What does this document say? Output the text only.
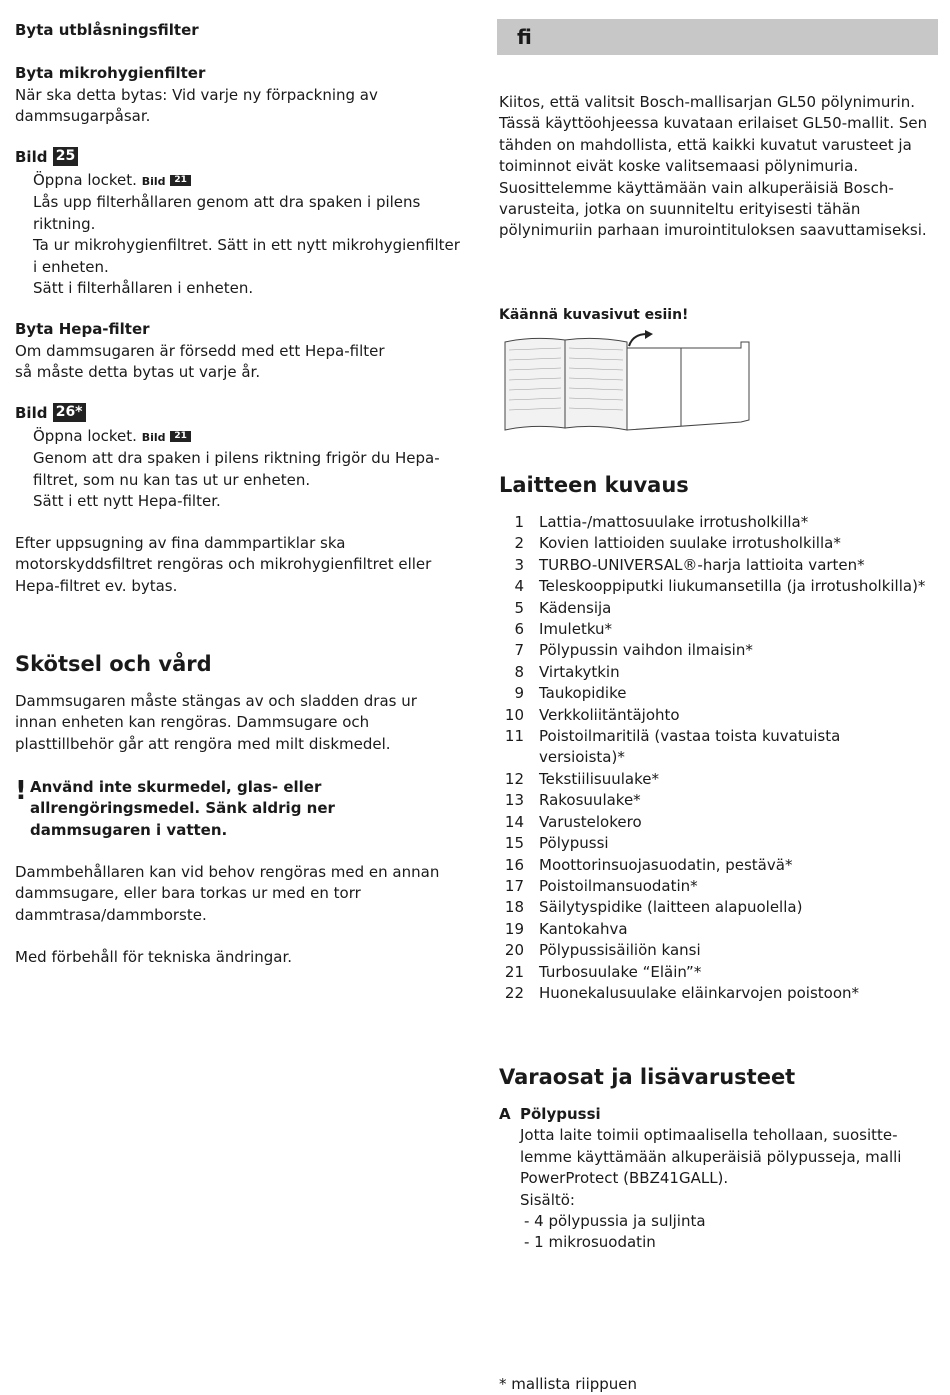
Byta utblåsningsfilter

Byta mikrohygienfilter

När ska detta bytas: Vid varje ny förpackning av dammsugarpåsar.

Bild 25

Öppna locket. Bild 21

Lås upp filterhållaren genom att dra spaken i pilens riktning.

Ta ur mikrohygienfiltret. Sätt in ett nytt mikrohygienfilter i enheten.

Sätt i filterhållaren i enheten.

Byta Hepa-filter

Om dammsugaren är försedd med ett Hepa-filter så måste detta bytas ut varje år.

Bild 26*

Öppna locket. Bild 21

Genom att dra spaken i pilens riktning frigör du Hepa-filtret, som nu kan tas ut ur enheten.

Sätt i ett nytt Hepa-filter.

Efter uppsugning av fina dammpartiklar ska motorskyddsfiltret rengöras och mikrohygienfiltret eller Hepa-filtret ev. bytas.

Skötsel och vård

Dammsugaren måste stängas av och sladden dras ur innan enheten kan rengöras. Dammsugare och plasttillbehör går att rengöra med milt diskmedel.

! Använd inte skurmedel, glas- eller allrengöringsmedel. Sänk aldrig ner dammsugaren i vatten.

Dammbehållaren kan vid behov rengöras med en annan dammsugare, eller bara torkas ur med en torr dammtrasa/dammborste.

Med förbehåll för tekniska ändringar.

fi

Kiitos, että valitsit Bosch-mallisarjan GL50 pölynimurin. Tässä käyttöohjeessa kuvataan erilaiset GL50-mallit. Sen tähden on mahdollista, että kaikki kuvatut varusteet ja toiminnot eivät koske valitsemaasi pölynimuria. Suosittelemme käyttämään vain alkuperäisiä Bosch-varusteita, jotka on suunniteltu erityisesti tähän pölynimuriin parhaan imurointituloksen saavuttamiseksi.

Käännä kuvasivut esiin!

Laitteen kuvaus
1 Lattia-/mattosuulake irrotusholkilla*
2 Kovien lattioiden suulake irrotusholkilla*
3 TURBO-UNIVERSAL®-harja lattioita varten*
4 Teleskooppiputki liukumansetilla (ja irrotusholkilla)*
5 Kädensija
6 Imuletku*
7 Pölypussin vaihdon ilmaisin*
8 Virtakytkin
9 Taukopidike
10 Verkkoliitäntäjohto
11 Poistoilmaritilä (vastaa toista kuvatuista versioista)*
12 Tekstiilisuulake*
13 Rakosuulake*
14 Varustelokero
15 Pölypussi
16 Moottorinsuojasuodatin, pestävä*
17 Poistoilmansuodatin*
18 Säilytyspidike (laitteen alapuolella)
19 Kantokahva
20 Pölypussisäiliön kansi
21 Turbosuulake “Eläin”*
22 Huonekalusuulake eläinkarvojen poistoon*
Varaosat ja lisävarusteet
A Pölypussi

Jotta laite toimii optimaalisella tehollaan, suositte-lemme käyttämään alkuperäisiä pölypusseja, malli PowerProtect (BBZ41GALL).

Sisältö:

- 4 pölypussia ja suljinta

- 1 mikrosuodatin

* mallista riippuen
